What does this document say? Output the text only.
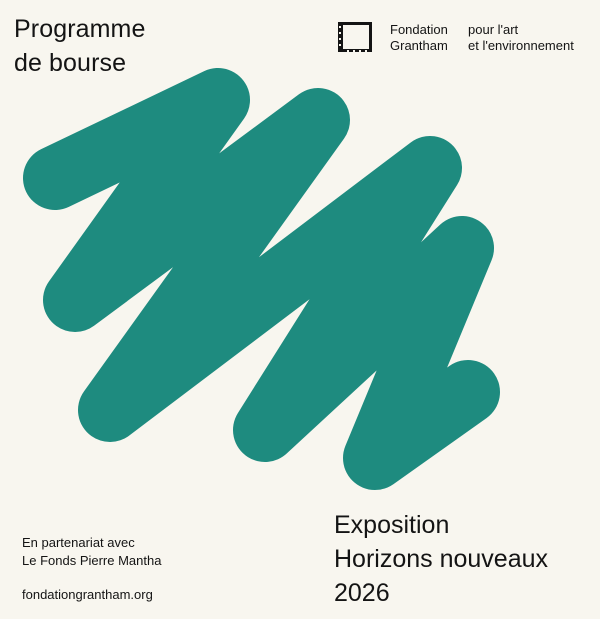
Programme
de bourse
Fondation
Grantham
pour l'art
et l'environnement
En partenariat avec
Le Fonds Pierre Mantha
fondationgrantham.org
Exposition
Horizons nouveaux
2026
